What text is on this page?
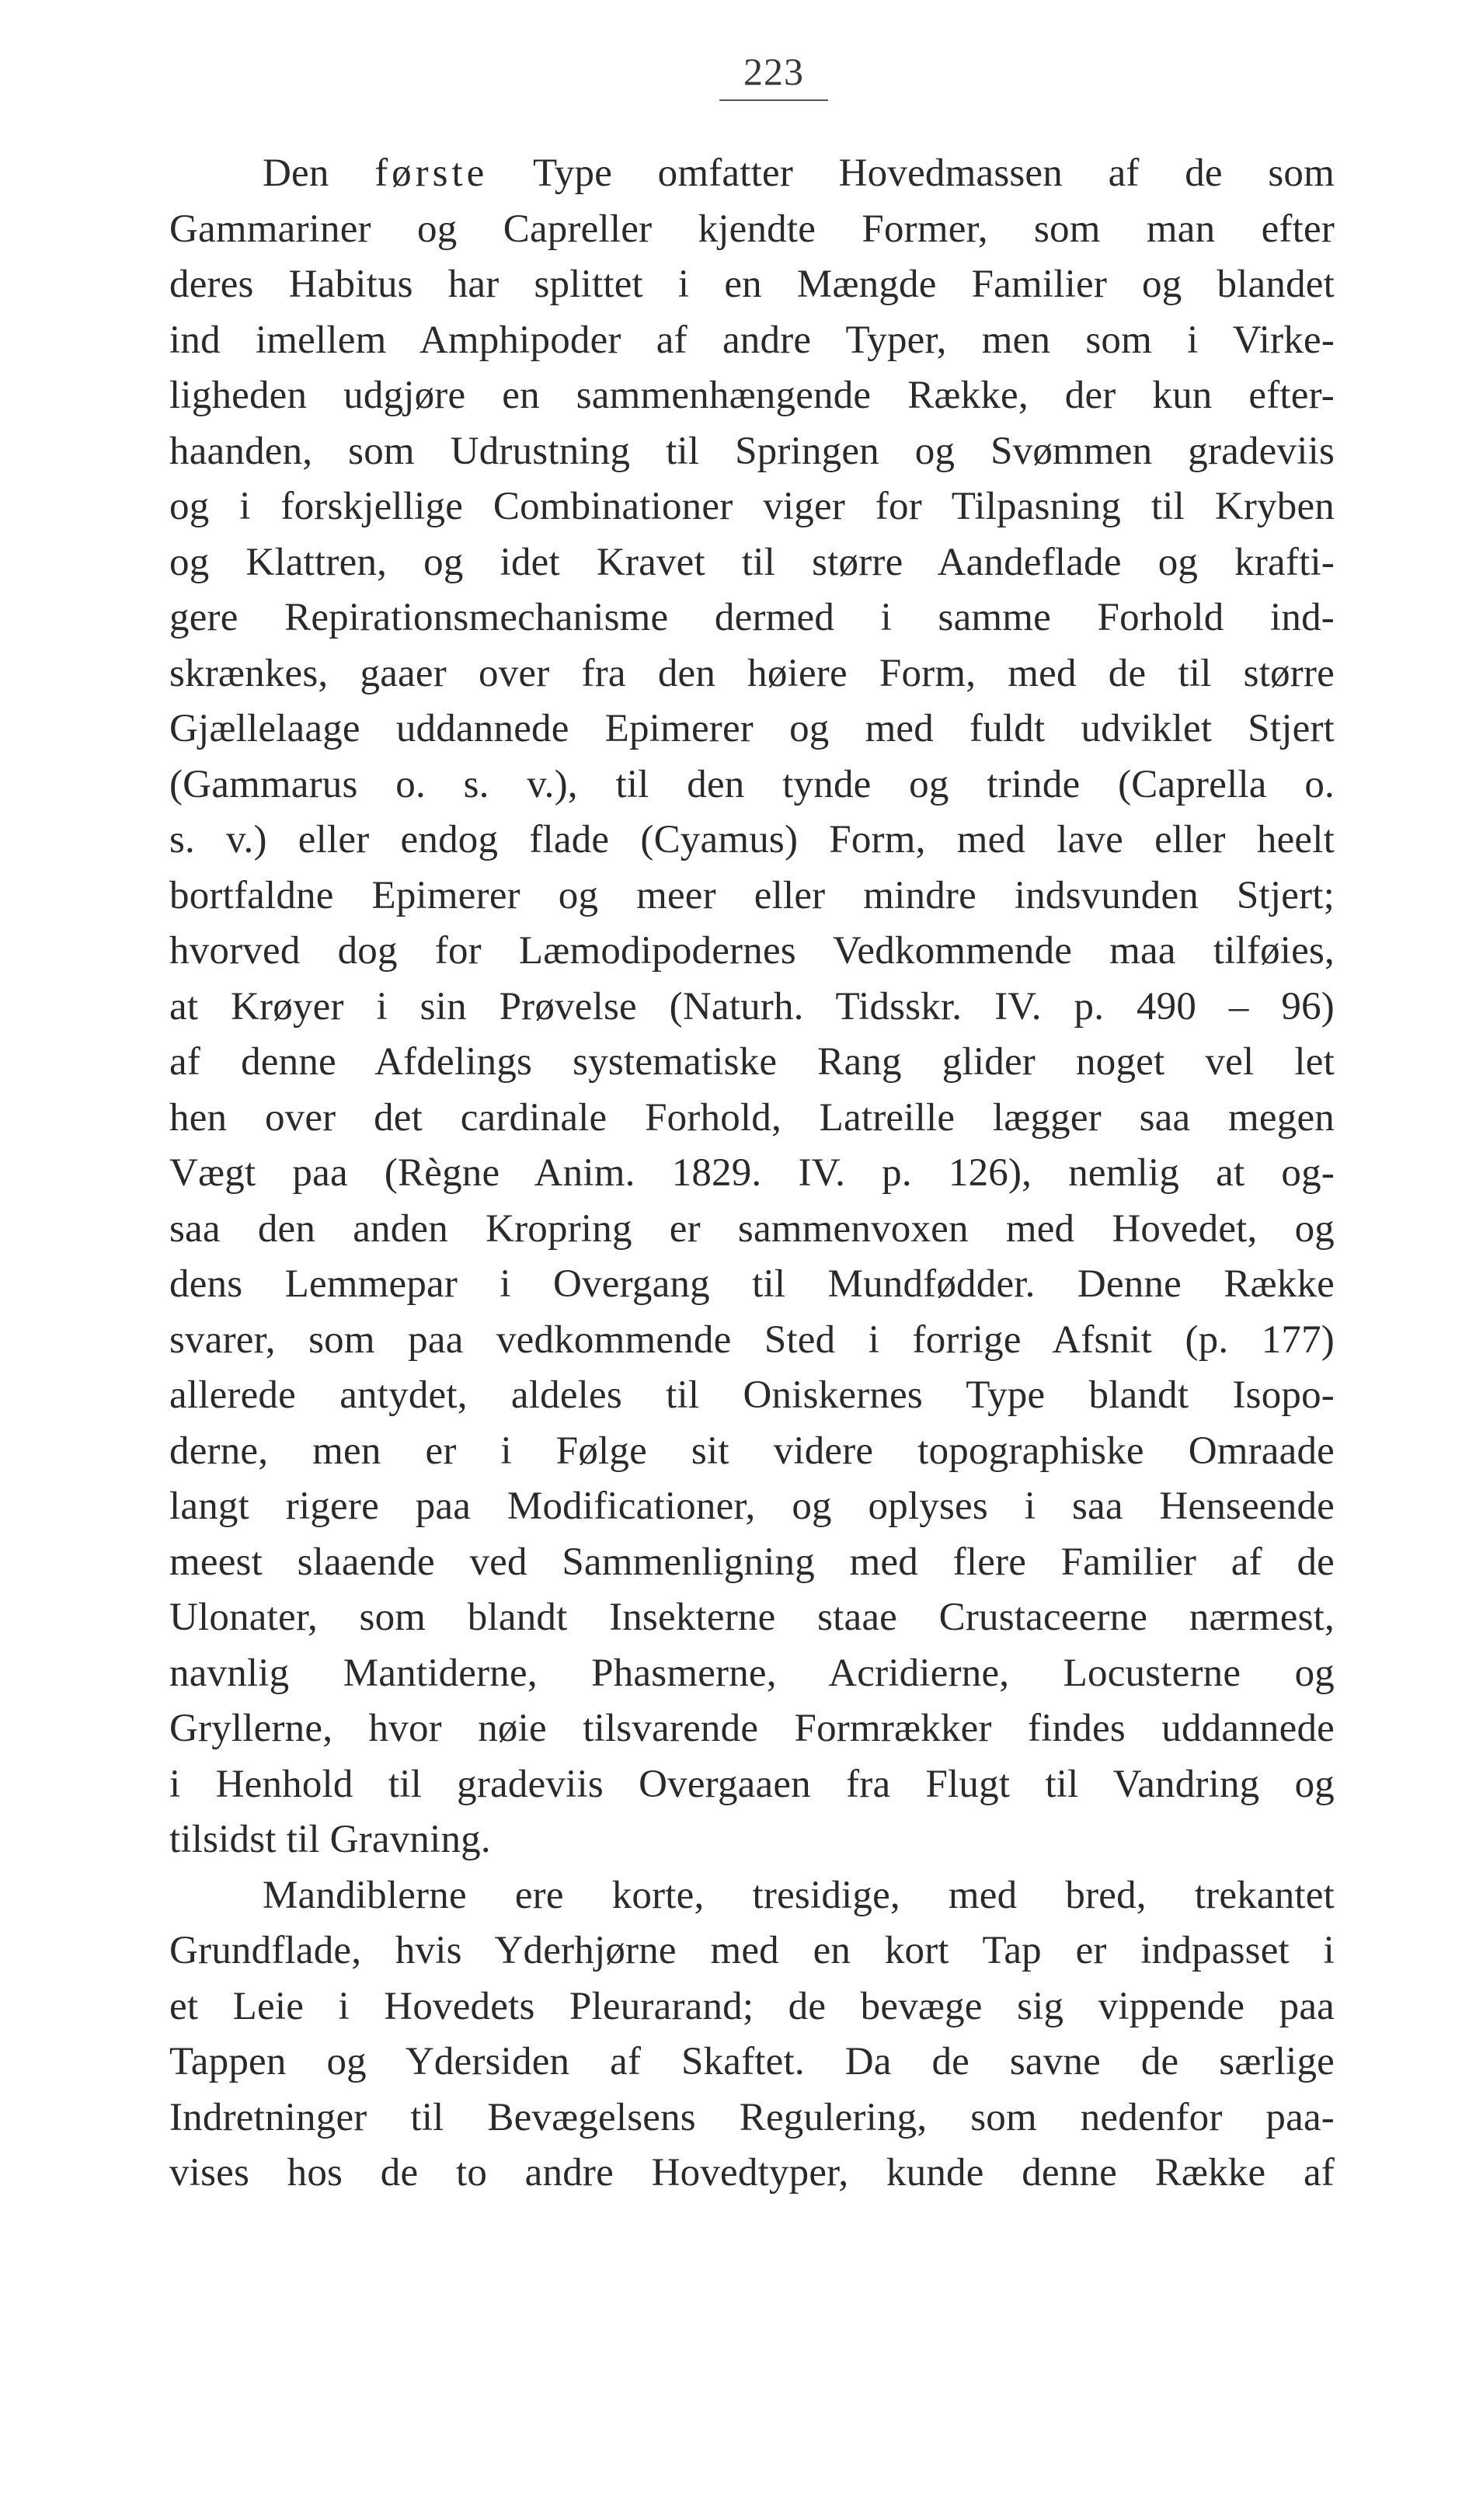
223
Den første Type omfatter Hovedmassen af de som
Gammariner og Capreller kjendte Former, som man efter
deres Habitus har splittet i en Mængde Familier og blandet
ind imellem Amphipoder af andre Typer, men som i Virke-
ligheden udgjøre en sammenhængende Række, der kun efter-
haanden, som Udrustning til Springen og Svømmen gradeviis
og i forskjellige Combinationer viger for Tilpasning til Kryben
og Klattren, og idet Kravet til større Aandeflade og krafti-
gere Repirationsmechanisme dermed i samme Forhold ind-
skrænkes, gaaer over fra den høiere Form, med de til større
Gjællelaage uddannede Epimerer og med fuldt udviklet Stjert
(Gammarus o. s. v.), til den tynde og trinde (Caprella o.
s. v.) eller endog flade (Cyamus) Form, med lave eller heelt
bortfaldne Epimerer og meer eller mindre indsvunden Stjert;
hvorved dog for Læmodipodernes Vedkommende maa tilføies,
at Krøyer i sin Prøvelse (Naturh. Tidsskr. IV. p. 490 – 96)
af denne Afdelings systematiske Rang glider noget vel let
hen over det cardinale Forhold, Latreille lægger saa megen
Vægt paa (Règne Anim. 1829. IV. p. 126), nemlig at og-
saa den anden Kropring er sammenvoxen med Hovedet, og
dens Lemmepar i Overgang til Mundfødder. Denne Række
svarer, som paa vedkommende Sted i forrige Afsnit (p. 177)
allerede antydet, aldeles til Oniskernes Type blandt Isopo-
derne, men er i Følge sit videre topographiske Omraade
langt rigere paa Modificationer, og oplyses i saa Henseende
meest slaaende ved Sammenligning med flere Familier af de
Ulonater, som blandt Insekterne staae Crustaceerne nærmest,
navnlig Mantiderne, Phasmerne, Acridierne, Locusterne og
Gryllerne, hvor nøie tilsvarende Formrækker findes uddannede
i Henhold til gradeviis Overgaaen fra Flugt til Vandring og
tilsidst til Gravning.
Mandiblerne ere korte, tresidige, med bred, trekantet
Grundflade, hvis Yderhjørne med en kort Tap er indpasset i
et Leie i Hovedets Pleurarand; de bevæge sig vippende paa
Tappen og Ydersiden af Skaftet. Da de savne de særlige
Indretninger til Bevægelsens Regulering, som nedenfor paa-
vises hos de to andre Hovedtyper, kunde denne Række af
